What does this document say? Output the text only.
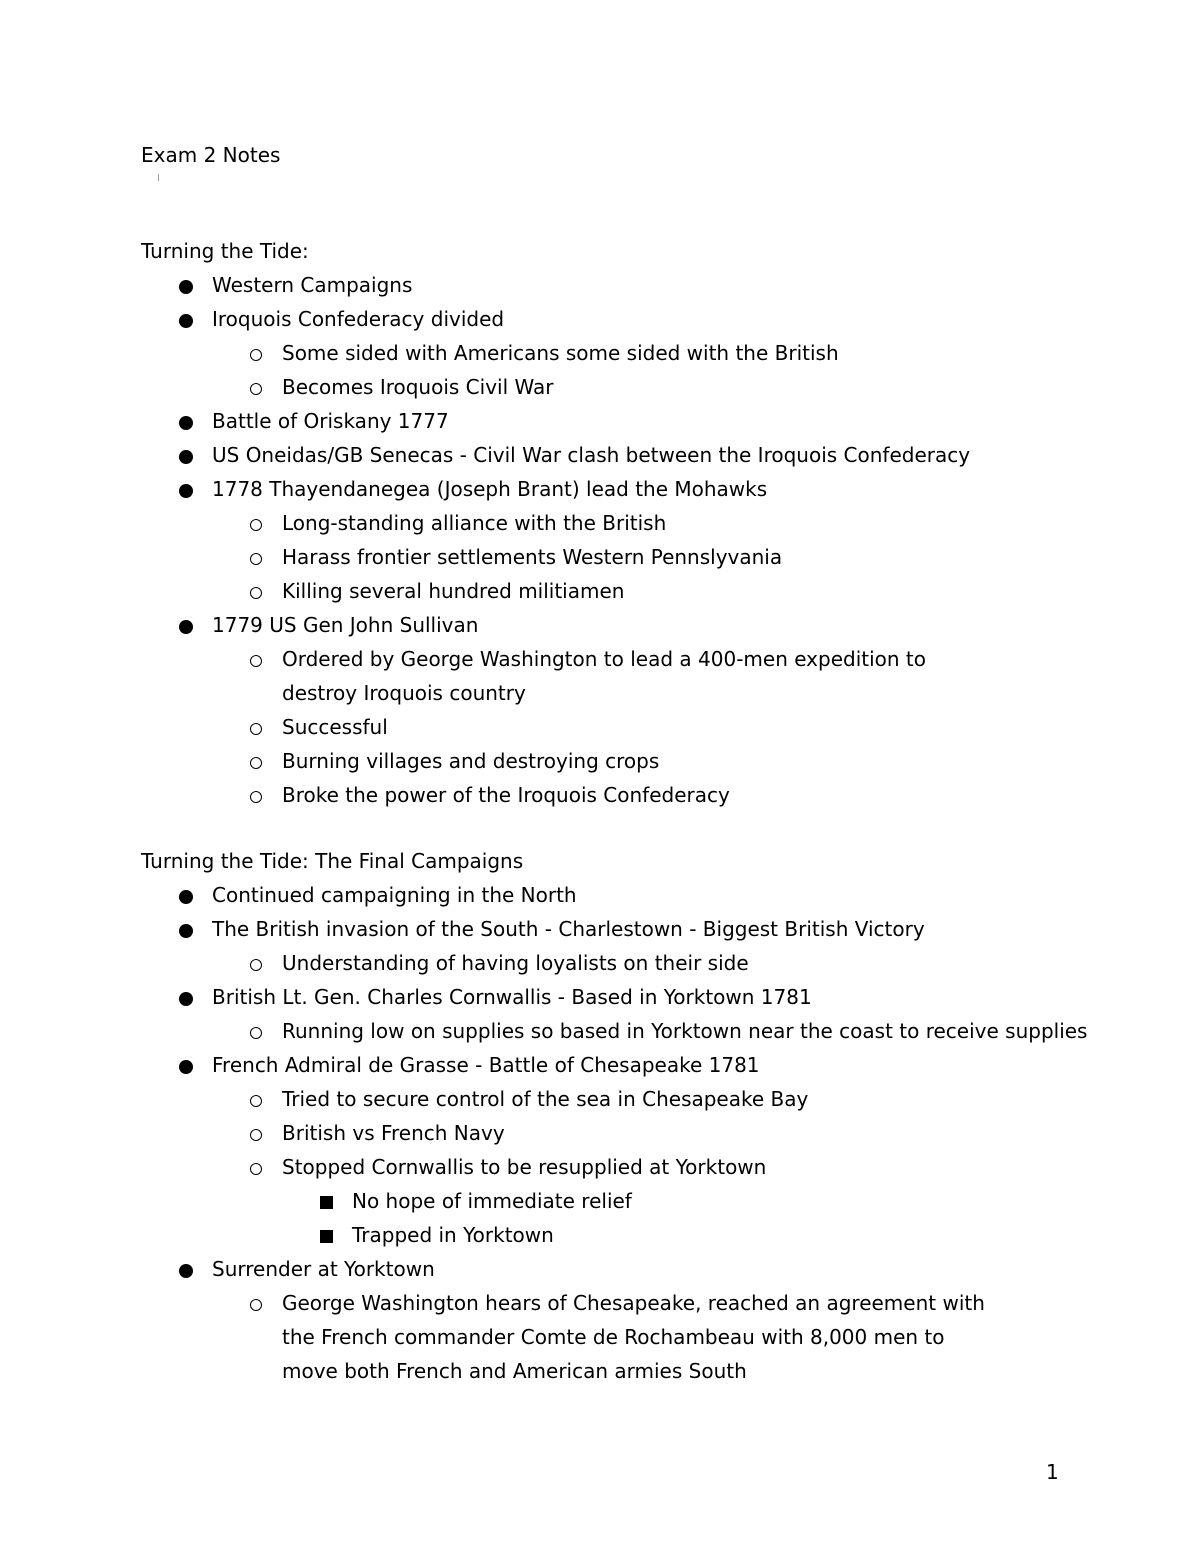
Exam 2 Notes
Turning the Tide:
Western Campaigns
Iroquois Confederacy divided
Some sided with Americans some sided with the British
Becomes Iroquois Civil War
Battle of Oriskany 1777
US Oneidas/GB Senecas - Civil War clash between the Iroquois Confederacy
1778 Thayendanegea (Joseph Brant) lead the Mohawks
Long-standing alliance with the British
Harass frontier settlements Western Pennslyvania
Killing several hundred militiamen
1779 US Gen John Sullivan
Ordered by George Washington to lead a 400-men expedition to destroy Iroquois country
Successful
Burning villages and destroying crops
Broke the power of the Iroquois Confederacy
Turning the Tide: The Final Campaigns
Continued campaigning in the North
The British invasion of the South - Charlestown - Biggest British Victory
Understanding of having loyalists on their side
British Lt. Gen. Charles Cornwallis - Based in Yorktown 1781
Running low on supplies so based in Yorktown near the coast to receive supplies
French Admiral de Grasse - Battle of Chesapeake 1781
Tried to secure control of the sea in Chesapeake Bay
British vs French Navy
Stopped Cornwallis to be resupplied at Yorktown
No hope of immediate relief
Trapped in Yorktown
Surrender at Yorktown
George Washington hears of Chesapeake, reached an agreement with the French commander Comte de Rochambeau with 8,000 men to move both French and American armies South
1
